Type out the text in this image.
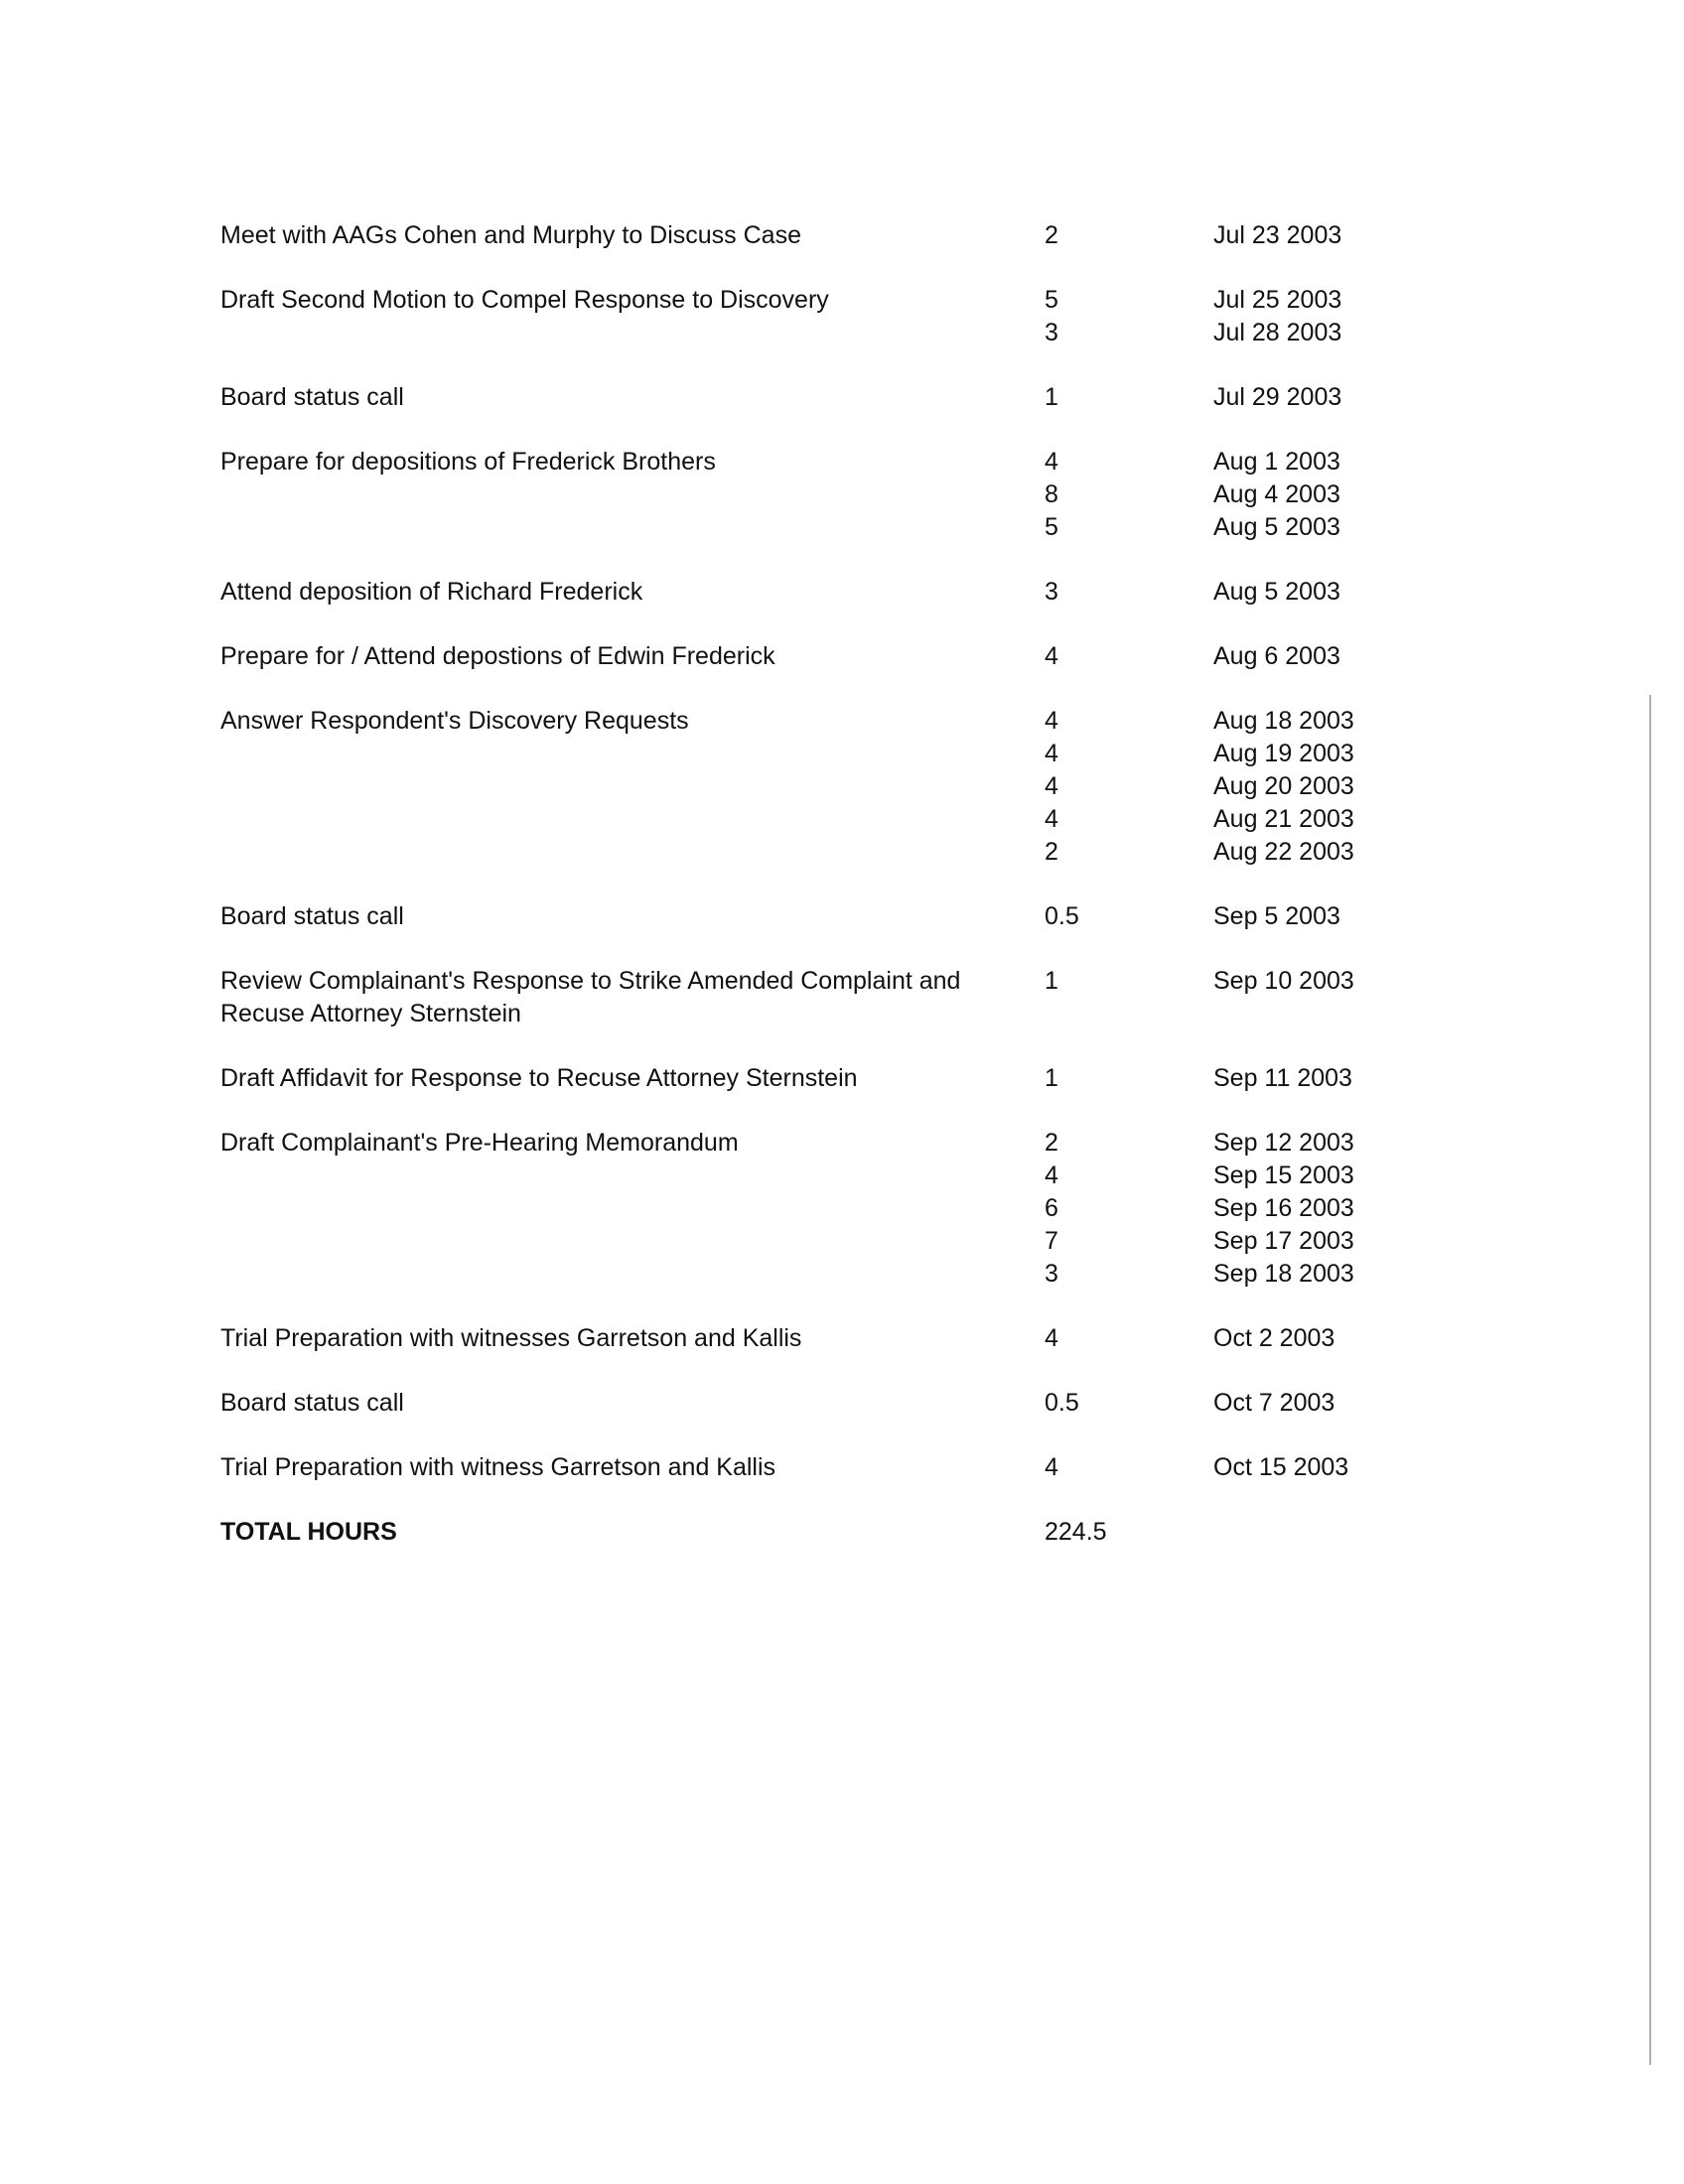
Meet with AAGs Cohen and Murphy to Discuss Case	2	Jul 23 2003
Draft Second Motion to Compel Response to Discovery	5	Jul 25 2003
3	Jul 28 2003
Board status call	1	Jul 29 2003
Prepare for depositions of Frederick Brothers	4	Aug 1 2003
8	Aug 4 2003
5	Aug 5 2003
Attend deposition of Richard Frederick	3	Aug 5 2003
Prepare for / Attend depostions of Edwin Frederick	4	Aug 6 2003
Answer Respondent's Discovery Requests	4	Aug 18 2003
4	Aug 19 2003
4	Aug 20 2003
4	Aug 21 2003
2	Aug 22 2003
Board status call	0.5	Sep 5 2003
Review Complainant's Response to Strike Amended Complaint and	1	Sep 10 2003
Recuse Attorney Sternstein
Draft Affidavit for Response to Recuse Attorney Sternstein	1	Sep 11 2003
Draft Complainant's Pre-Hearing Memorandum	2	Sep 12 2003
4	Sep 15 2003
6	Sep 16 2003
7	Sep 17 2003
3	Sep 18 2003
Trial Preparation with witnesses Garretson and Kallis	4	Oct 2 2003
Board status call	0.5	Oct 7 2003
Trial Preparation with witness Garretson and Kallis	4	Oct 15 2003
TOTAL HOURS	224.5
